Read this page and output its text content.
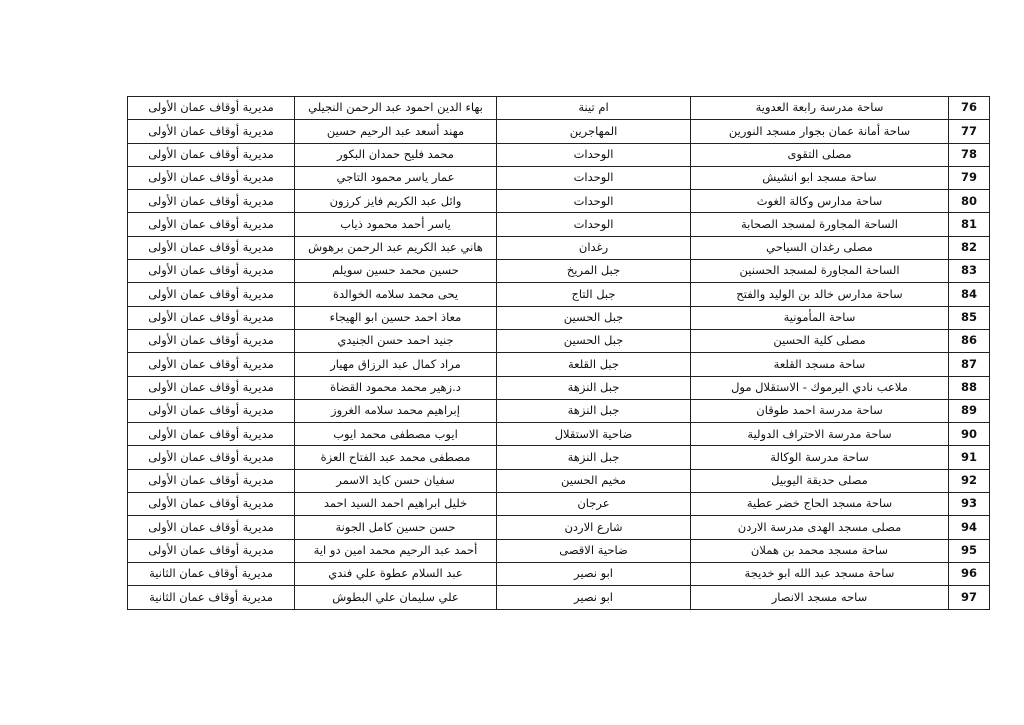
76	ساحة مدرسة رابعة العدوية	ام تينة	بهاء الدين احمود عبد الرحمن النجيلي	مديرية أوقاف عمان الأولى
77	ساحة أمانة عمان بجوار مسجد النورين	المهاجرين	مهند أسعد عبد الرحيم حسين	مديرية أوقاف عمان الأولى
78	مصلى التقوى	الوحدات	محمد فليح حمدان البكور	مديرية أوقاف عمان الأولى
79	ساحة مسجد ابو انشيش	الوحدات	عمار ياسر محمود التاجي	مديرية أوقاف عمان الأولى
80	ساحة مدارس وكالة الغوث	الوحدات	وائل عبد الكريم فايز كرزون	مديرية أوقاف عمان الأولى
81	الساحة المجاورة لمسجد الصحابة	الوحدات	ياسر أحمد محمود ذياب	مديرية أوقاف عمان الأولى
82	مصلى رغدان السياحي	رغدان	هاني عبد الكريم عبد الرحمن برهوش	مديرية أوقاف عمان الأولى
83	الساحة المجاورة لمسجد الحسنين	جبل المريخ	حسين محمد حسين سويلم	مديرية أوقاف عمان الأولى
84	ساحة مدارس خالد بن الوليد والفتح	جبل التاج	يحى محمد سلامه الخوالدة	مديرية أوقاف عمان الأولى
85	ساحة المأمونية	جبل الحسين	معاذ احمد حسين ابو الهيجاء	مديرية أوقاف عمان الأولى
86	مصلى كلية الحسين	جبل الحسين	جنيد احمد حسن الجنيدي	مديرية أوقاف عمان الأولى
87	ساحة مسجد القلعة	جبل القلعة	مراد كمال عبد الرزاق مهيار	مديرية أوقاف عمان الأولى
88	ملاعب نادي اليرموك - الاستقلال مول	جبل النزهة	د.زهير محمد محمود القضاة	مديرية أوقاف عمان الأولى
89	ساحة مدرسة احمد طوقان	جبل النزهة	إبراهيم محمد سلامه الغروز	مديرية أوقاف عمان الأولى
90	ساحة مدرسة الاحتراف الدولية	ضاحية الاستقلال	ايوب مصطفى محمد ايوب	مديرية أوقاف عمان الأولى
91	ساحة مدرسة الوكالة	جبل النزهة	مصطفى محمد عبد الفتاح العزة	مديرية أوقاف عمان الأولى
92	مصلى حديقة اليوبيل	مخيم الحسين	سفيان حسن كايد الاسمر	مديرية أوقاف عمان الأولى
93	ساحة مسجد الحاج خضر عطية	عرجان	خليل ابراهيم احمد السيد احمد	مديرية أوقاف عمان الأولى
94	مصلى مسجد الهدى مدرسة الاردن	شارع الاردن	حسن حسين كامل الجونة	مديرية أوقاف عمان الأولى
95	ساحة مسجد محمد بن هملان	ضاحية الاقصى	أحمد عبد الرحيم محمد امين دو اية	مديرية أوقاف عمان الأولى
96	ساحة مسجد عبد الله ابو خديجة	ابو نصير	عبد السلام عطوة علي فندي	مديرية أوقاف عمان الثانية
97	ساحه مسجد الانصار	ابو نصير	علي سليمان علي البطوش	مديرية أوقاف عمان الثانية
